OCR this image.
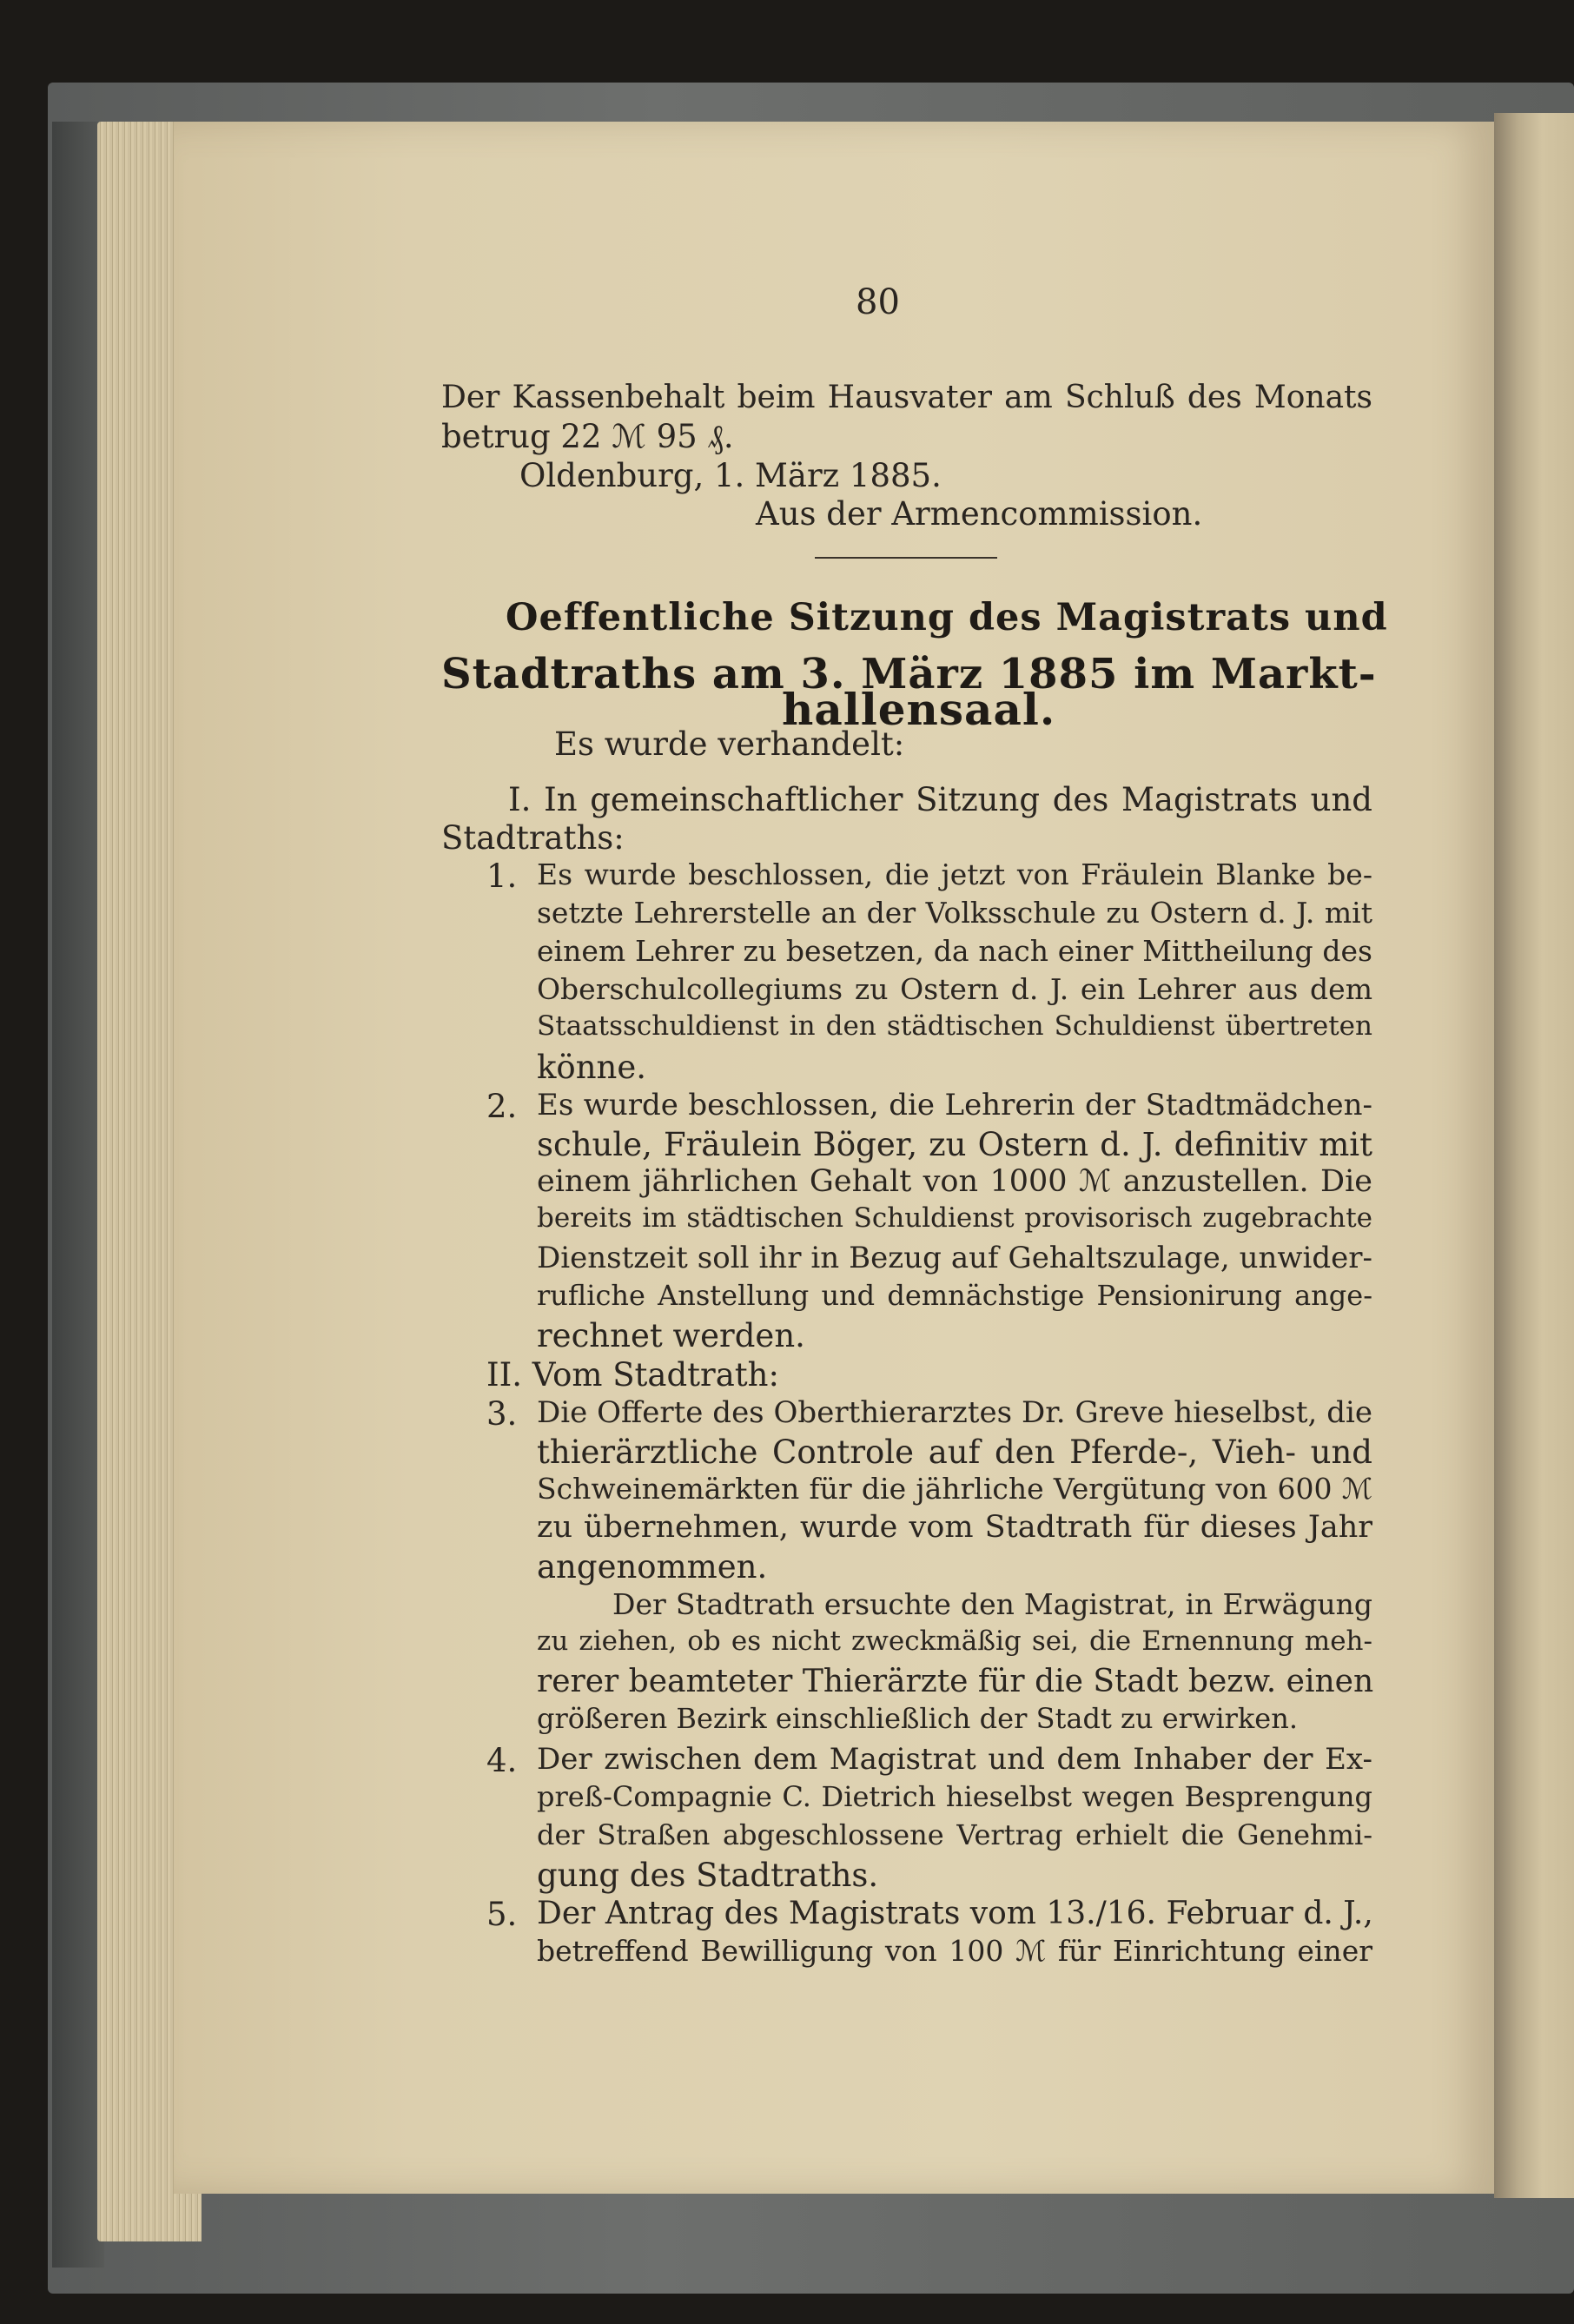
80
Der Kassenbehalt beim Hausvater am Schluß des Monats
betrug 22 ℳ 95 ₰.
Oldenburg, 1. März 1885.
Aus der Armencommission.
Oeffentliche Sitzung des Magistrats und
Stadtraths am 3. März 1885 im Markt-
hallensaal.
Es wurde verhandelt:
I. In gemeinschaftlicher Sitzung des Magistrats und
Stadtraths:
1. Es wurde beschlossen, die jetzt von Fräulein Blanke be-
setzte Lehrerstelle an der Volksschule zu Ostern d. J. mit
einem Lehrer zu besetzen, da nach einer Mittheilung des
Oberschulcollegiums zu Ostern d. J. ein Lehrer aus dem
Staatsschuldienst in den städtischen Schuldienst übertreten
könne.
2. Es wurde beschlossen, die Lehrerin der Stadtmädchen-
schule, Fräulein Böger, zu Ostern d. J. definitiv mit
einem jährlichen Gehalt von 1000 ℳ anzustellen. Die
bereits im städtischen Schuldienst provisorisch zugebrachte
Dienstzeit soll ihr in Bezug auf Gehaltszulage, unwider-
rufliche Anstellung und demnächstige Pensionirung ange-
rechnet werden.
II. Vom Stadtrath:
3. Die Offerte des Oberthierarztes Dr. Greve hieselbst, die
thierärztliche Controle auf den Pferde-, Vieh- und
Schweinemärkten für die jährliche Vergütung von 600 ℳ
zu übernehmen, wurde vom Stadtrath für dieses Jahr
angenommen.
Der Stadtrath ersuchte den Magistrat, in Erwägung
zu ziehen, ob es nicht zweckmäßig sei, die Ernennung meh-
rerer beamteter Thierärzte für die Stadt bezw. einen
größeren Bezirk einschließlich der Stadt zu erwirken.
4. Der zwischen dem Magistrat und dem Inhaber der Ex-
preß-Compagnie C. Dietrich hieselbst wegen Besprengung
der Straßen abgeschlossene Vertrag erhielt die Genehmi-
gung des Stadtraths.
5. Der Antrag des Magistrats vom 13./16. Februar d. J.,
betreffend Bewilligung von 100 ℳ für Einrichtung einer
